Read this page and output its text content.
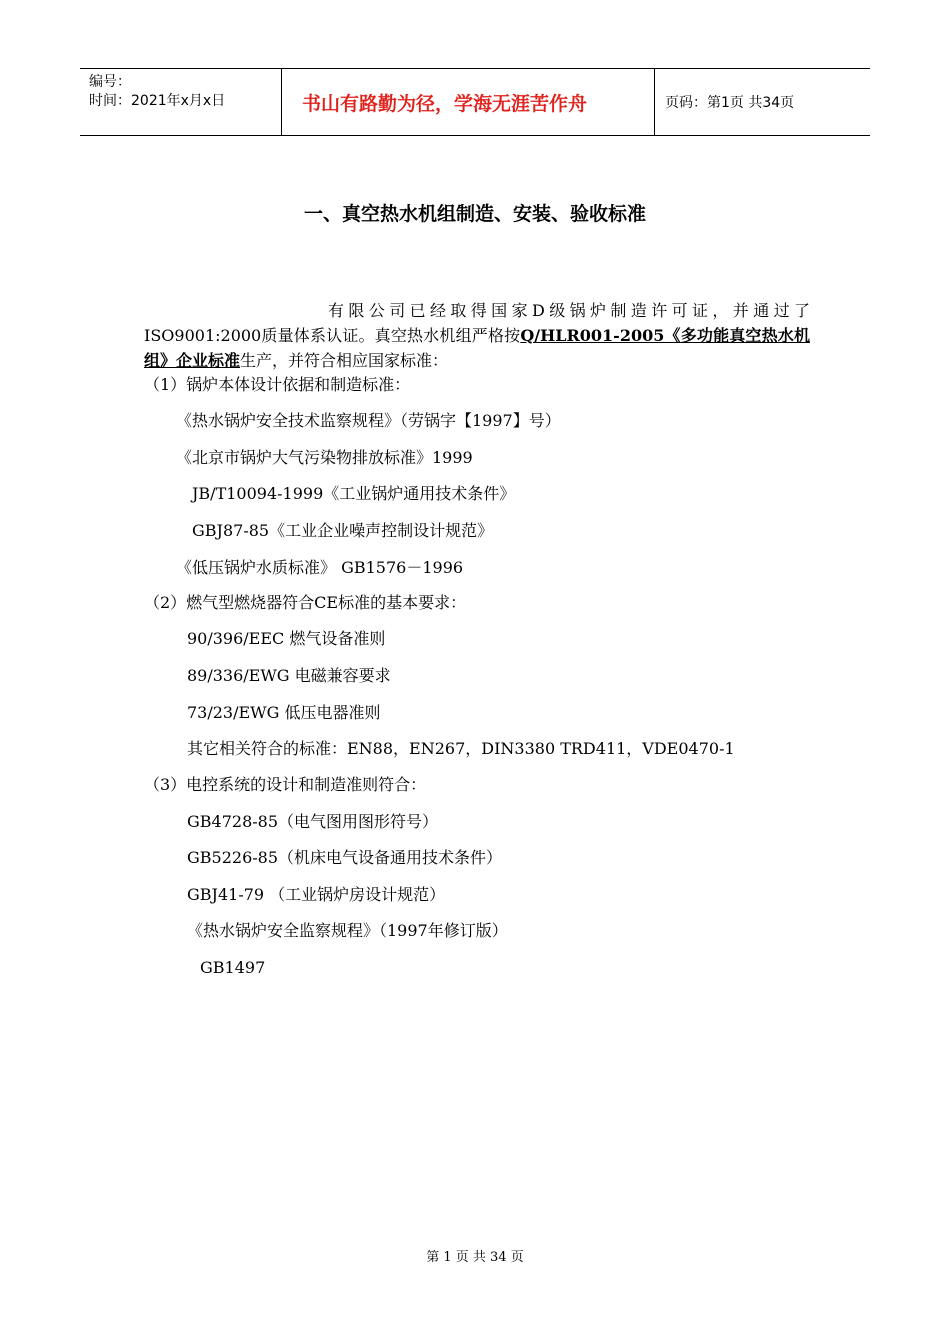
编号：
时间：2021年x月x日	书山有路勤为径，学海无涯苦作舟	页码：第1页 共34页
一、真空热水机组制造、安装、验收标准
有限公司已经取得国家D级锅炉制造许可证，并通过了ISO9001:2000质量体系认证。真空热水机组严格按Q/HLR001-2005《多功能真空热水机组》企业标准生产，并符合相应国家标准：
（1）锅炉本体设计依据和制造标准：
《热水锅炉安全技术监察规程》（劳锅字【1997】号）
《北京市锅炉大气污染物排放标准》1999
JB/T10094-1999《工业锅炉通用技术条件》
GBJ87-85《工业企业噪声控制设计规范》
《低压锅炉水质标准》 GB1576－1996
（2）燃气型燃烧器符合CE标准的基本要求：
90/396/EEC 燃气设备准则
89/336/EWG 电磁兼容要求
73/23/EWG 低压电器准则
其它相关符合的标准：EN88，EN267，DIN3380 TRD411，VDE0470-1
（3）电控系统的设计和制造准则符合：
GB4728-85（电气图用图形符号）
GB5226-85（机床电气设备通用技术条件）
GBJ41-79 （工业锅炉房设计规范）
《热水锅炉安全监察规程》（1997年修订版）
GB1497
第 1 页 共 34 页
